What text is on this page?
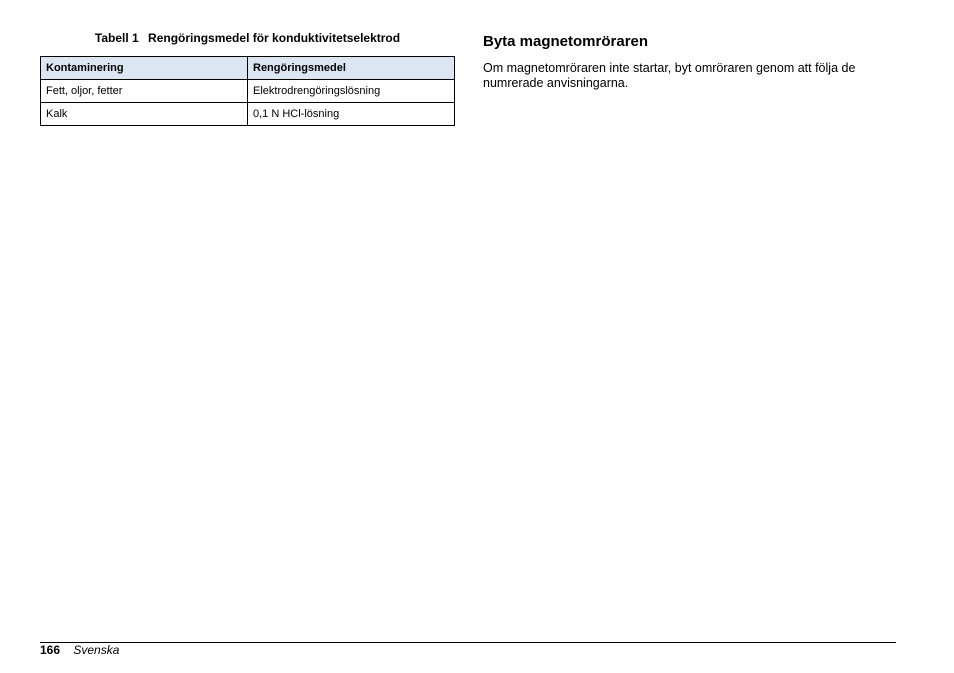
Tabell 1 Rengöringsmedel för konduktivitetselektrod
Kontaminering	Rengöringsmedel
Fett, oljor, fetter	Elektrodrengöringslösning
Kalk	0,1 N HCl-lösning
Byta magnetomröraren

Om magnetomröraren inte startar, byt omröraren genom att följa de numrerade anvisningarna.

166 Svenska
